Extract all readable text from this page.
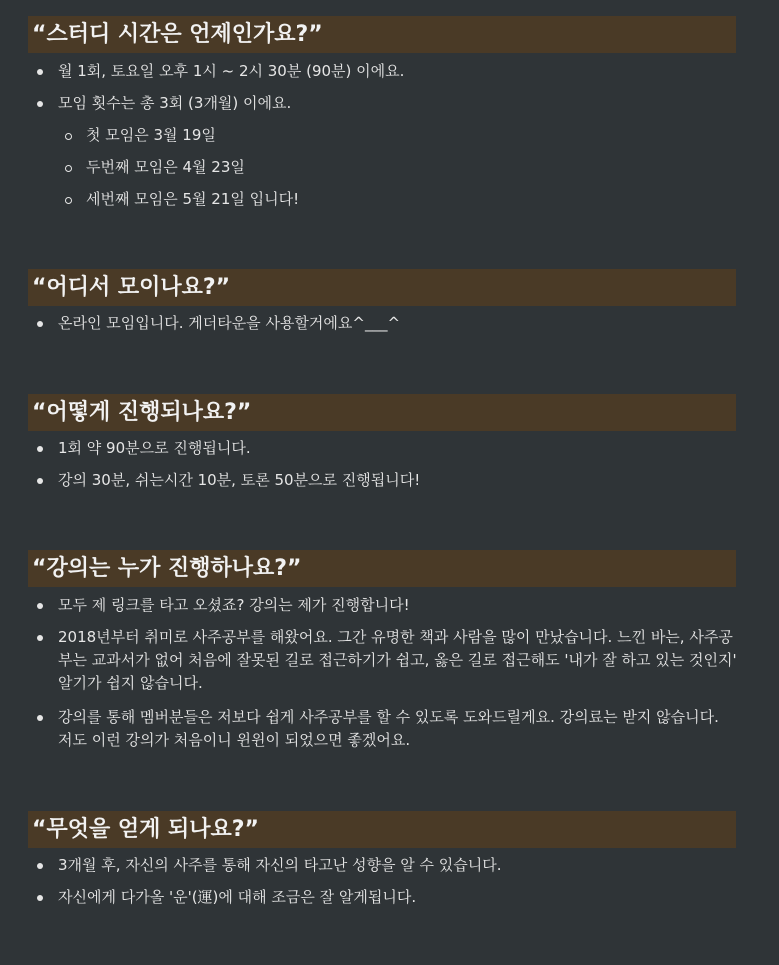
“스터디 시간은 언제인가요?”
월 1회, 토요일 오후 1시 ~ 2시 30분 (90분) 이에요.
모임 횟수는 총 3회 (3개월) 이에요.
첫 모임은 3월 19일
두번째 모임은 4월 23일
세번째 모임은 5월 21일 입니다!
“어디서 모이나요?”
온라인 모임입니다. 게더타운을 사용할거에요^___^
“어떻게 진행되나요?”
1회 약 90분으로 진행됩니다.
강의 30분, 쉬는시간 10분, 토론 50분으로 진행됩니다!
“강의는 누가 진행하나요?”
모두 제 링크를 타고 오셨죠? 강의는 제가 진행합니다!
2018년부터 취미로 사주공부를 해왔어요. 그간 유명한 책과 사람을 많이 만났습니다. 느낀 바는, 사주공부는 교과서가 없어 처음에 잘못된 길로 접근하기가 쉽고, 옳은 길로 접근해도 '내가 잘 하고 있는 것인지' 알기가 쉽지 않습니다.
강의를 통해 멤버분들은 저보다 쉽게 사주공부를 할 수 있도록 도와드릴게요. 강의료는 받지 않습니다. 저도 이런 강의가 처음이니 윈윈이 되었으면 좋겠어요.
“무엇을 얻게 되나요?”
3개월 후, 자신의 사주를 통해 자신의 타고난 성향을 알 수 있습니다.
자신에게 다가올 '운'(運)에 대해 조금은 잘 알게됩니다.
